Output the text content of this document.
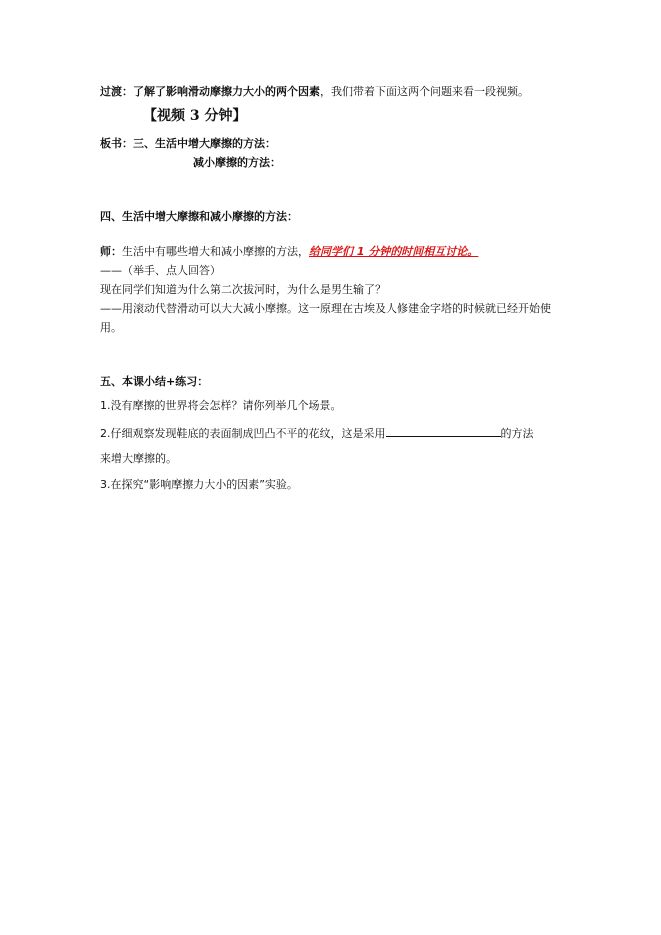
过渡：了解了影响滑动摩擦力大小的两个因素，我们带着下面这两个问题来看一段视频。
【视频 3 分钟】
板书：三、生活中增大摩擦的方法：
减小摩擦的方法：
四、生活中增大摩擦和减小摩擦的方法：
师：生活中有哪些增大和减小摩擦的方法，给同学们 1 分钟的时间相互讨论。
——（举手、点人回答）
现在同学们知道为什么第二次拔河时，为什么是男生输了？
——用滚动代替滑动可以大大减小摩擦。这一原理在古埃及人修建金字塔的时候就已经开始使用。
五、本课小结+练习：
1.没有摩擦的世界将会怎样？请你列举几个场景。
2.仔细观察发现鞋底的表面制成凹凸不平的花纹，这是采用	的方法
来增大摩擦的。
3.在探究“影响摩擦力大小的因素”实验。
